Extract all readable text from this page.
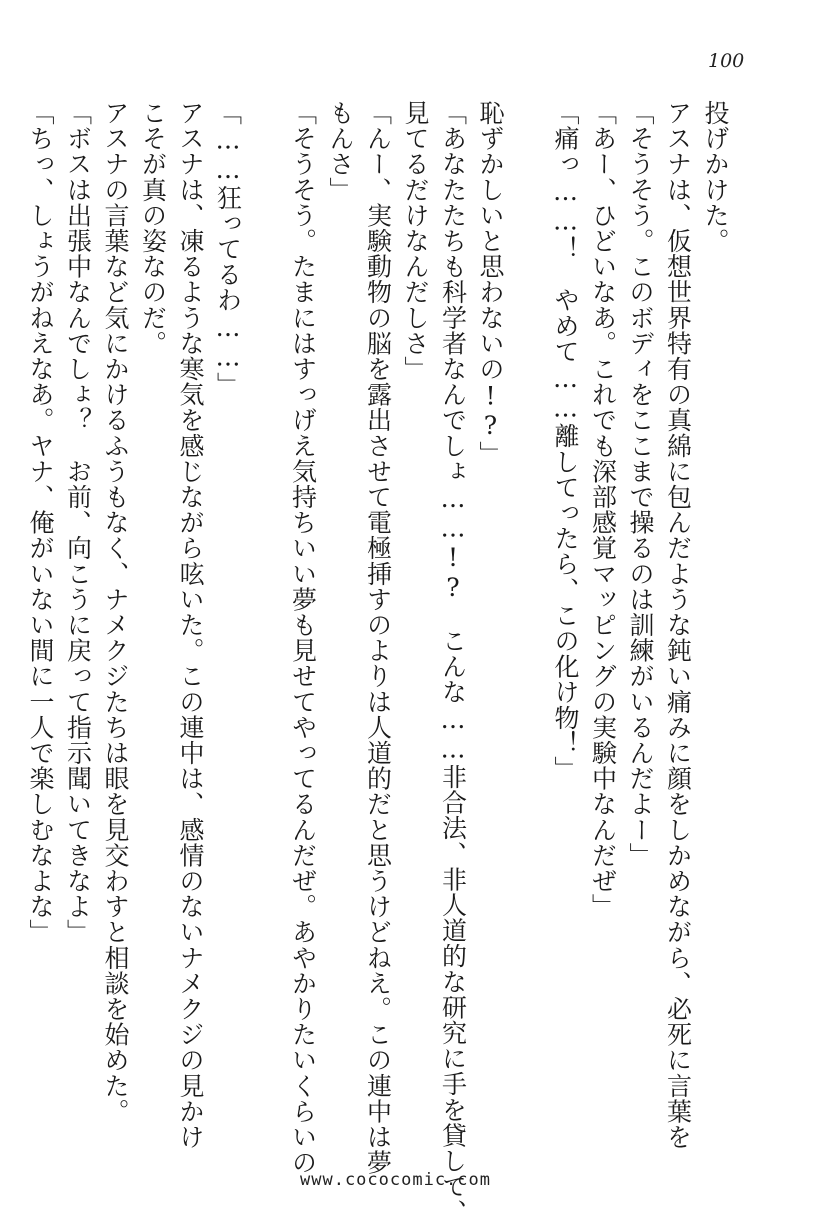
100
投げかけた。
アスナは、仮想世界特有の真綿に包んだような鈍い痛みに顔をしかめながら、必死に言葉を
「そうそう。このボディをここまで操るのは訓練がいるんだよー」
「あー、ひどいなあ。これでも深部感覚マッピングの実験中なんだぜ」
「痛っ……！　やめて……離してったら、この化け物！」

恥ずかしいと思わないの!?」
「あなたたちも科学者なんでしょ……!?　こんな……非合法、非人道的な研究に手を貸して、
見てるだけなんだしさ」
「んー、実験動物の脳を露出させて電極挿すのよりは人道的だと思うけどねえ。この連中は夢
もんさ」
「そうそう。たまにはすっげえ気持ちいい夢も見せてやってるんだぜ。あやかりたいくらいの

「……狂ってるわ……」
アスナは、凍るような寒気を感じながら呟いた。この連中は、感情のないナメクジの見かけ
こそが真の姿なのだ。
アスナの言葉など気にかけるふうもなく、ナメクジたちは眼を見交わすと相談を始めた。
「ボスは出張中なんでしょ？　お前、向こうに戻って指示聞いてきなよ」
「ちっ、しょうがねえなあ。ヤナ、俺がいない間に一人で楽しむなよな」
www.cococomic.com
